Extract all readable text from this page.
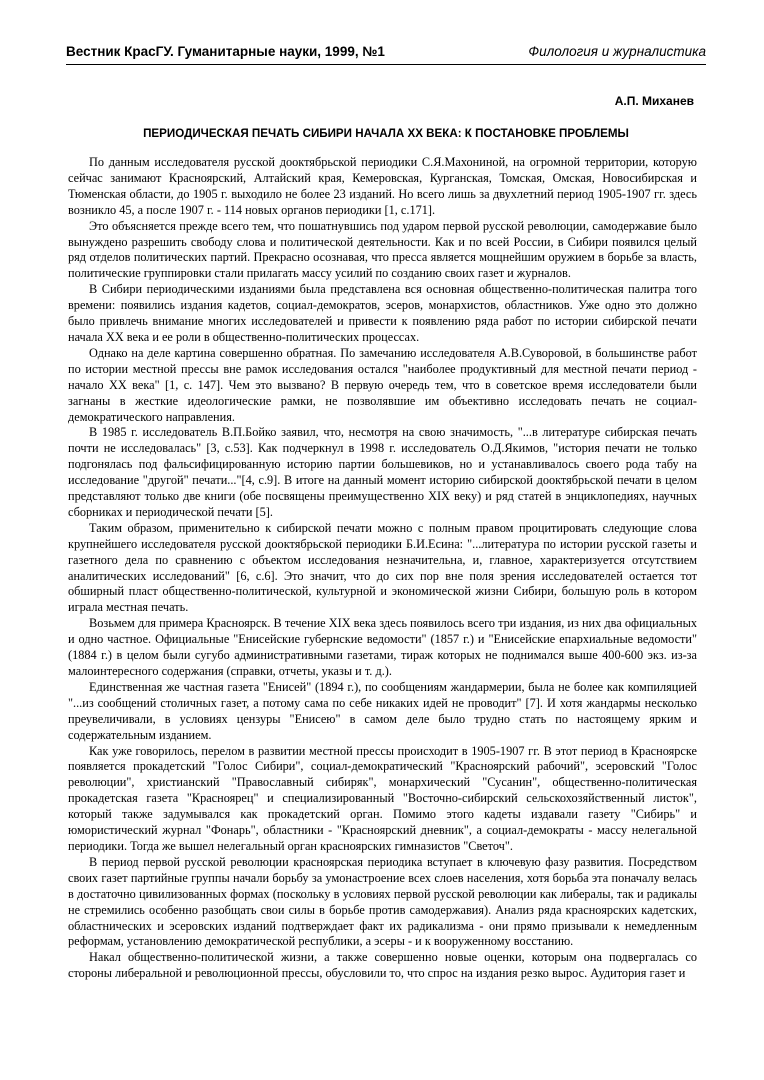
Вестник КрасГУ. Гуманитарные науки, 1999, №1	Филология и журналистика
А.П. Миханев
ПЕРИОДИЧЕСКАЯ ПЕЧАТЬ СИБИРИ НАЧАЛА XX ВЕКА: К ПОСТАНОВКЕ ПРОБЛЕМЫ

По данным исследователя русской дооктябрьской периодики С.Я.Махониной, на огромной территории, которую сейчас занимают Красноярский, Алтайский края, Кемеровская, Курганская, Томская, Омская, Новосибирская и Тюменская области, до 1905 г. выходило не более 23 изданий. Но всего лишь за двухлетний период 1905-1907 гг. здесь возникло 45, а после 1907 г. - 114 новых органов периодики [1, с.171].

Это объясняется прежде всего тем, что пошатнувшись под ударом первой русской революции, самодержавие было вынуждено разрешить свободу слова и политической деятельности. Как и по всей России, в Сибири появился целый ряд отделов политических партий. Прекрасно осознавая, что пресса является мощнейшим оружием в борьбе за власть, политические группировки стали прилагать массу усилий по созданию своих газет и журналов.

В Сибири периодическими изданиями была представлена вся основная общественно-политическая палитра того времени: появились издания кадетов, социал-демократов, эсеров, монархистов, областников. Уже одно это должно было привлечь внимание многих исследователей и привести к появлению ряда работ по истории сибирской печати начала XX века и ее роли в общественно-политических процессах.

Однако на деле картина совершенно обратная. По замечанию исследователя А.В.Суворовой, в большинстве работ по истории местной прессы вне рамок исследования остался "наиболее продуктивный для местной печати период - начало XX века" [1, с. 147]. Чем это вызвано? В первую очередь тем, что в советское время исследователи были загнаны в жесткие идеологические рамки, не позволявшие им объективно исследовать печать не социал-демократического направления.

В 1985 г. исследователь В.П.Бойко заявил, что, несмотря на свою значимость, "...в литературе сибирская печать почти не исследовалась" [3, с.53]. Как подчеркнул в 1998 г. исследователь О.Д.Якимов, "история печати не только подгонялась под фальсифицированную историю партии большевиков, но и устанавливалось своего рода табу на исследование "другой" печати..."[4, с.9]. В итоге на данный момент историю сибирской дооктябрьской печати в целом представляют только две книги (обе посвящены преимущественно XIX веку) и ряд статей в энциклопедиях, научных сборниках и периодической печати [5].

Таким образом, применительно к сибирской печати можно с полным правом процитировать следующие слова крупнейшего исследователя русской дооктябрьской периодики Б.И.Есина: "...литература по истории русской газеты и газетного дела по сравнению с объектом исследования незначительна, и, главное, характеризуется отсутствием аналитических исследований" [6, с.6]. Это значит, что до сих пор вне поля зрения исследователей остается тот обширный пласт общественно-политической, культурной и экономической жизни Сибири, большую роль в котором играла местная печать.

Возьмем для примера Красноярск. В течение XIX века здесь появилось всего три издания, из них два официальных и одно частное. Официальные "Енисейские губернские ведомости" (1857 г.) и "Енисейские епархиальные ведомости" (1884 г.) в целом были сугубо административными газетами, тираж которых не поднимался выше 400-600 экз. из-за малоинтересного содержания (справки, отчеты, указы и т. д.).

Единственная же частная газета "Енисей" (1894 г.), по сообщениям жандармерии, была не более как компиляцией "...из сообщений столичных газет, а потому сама по себе никаких идей не проводит" [7]. И хотя жандармы несколько преувеличивали, в условиях цензуры "Енисею" в самом деле было трудно стать по настоящему ярким и содержательным изданием.

Как уже говорилось, перелом в развитии местной прессы происходит в 1905-1907 гг. В этот период в Красноярске появляется прокадетский "Голос Сибири", социал-демократический "Красноярский рабочий", эсеровский "Голос революции", христианский "Православный сибиряк", монархический "Сусанин", общественно-политическая прокадетская газета "Красноярец" и специализированный "Восточно-сибирский сельскохозяйственный листок", который также задумывался как прокадетский орган. Помимо этого кадеты издавали газету "Сибирь" и юмористический журнал "Фонарь", областники - "Красноярский дневник", а социал-демократы - массу нелегальной периодики. Тогда же вышел нелегальный орган красноярских гимназистов "Светоч".

В период первой русской революции красноярская периодика вступает в ключевую фазу развития. Посредством своих газет партийные группы начали борьбу за умонастроение всех слоев населения, хотя борьба эта поначалу велась в достаточно цивилизованных формах (поскольку в условиях первой русской революции как либералы, так и радикалы не стремились особенно разобщать свои силы в борьбе против самодержавия). Анализ ряда красноярских кадетских, областнических и эсеровских изданий подтверждает факт их радикализма - они прямо призывали к немедленным реформам, установлению демократической республики, а эсеры - и к вооруженному восстанию.

Накал общественно-политической жизни, а также совершенно новые оценки, которым она подвергалась со стороны либеральной и революционной прессы, обусловили то, что спрос на издания резко вырос. Аудитория газет и
